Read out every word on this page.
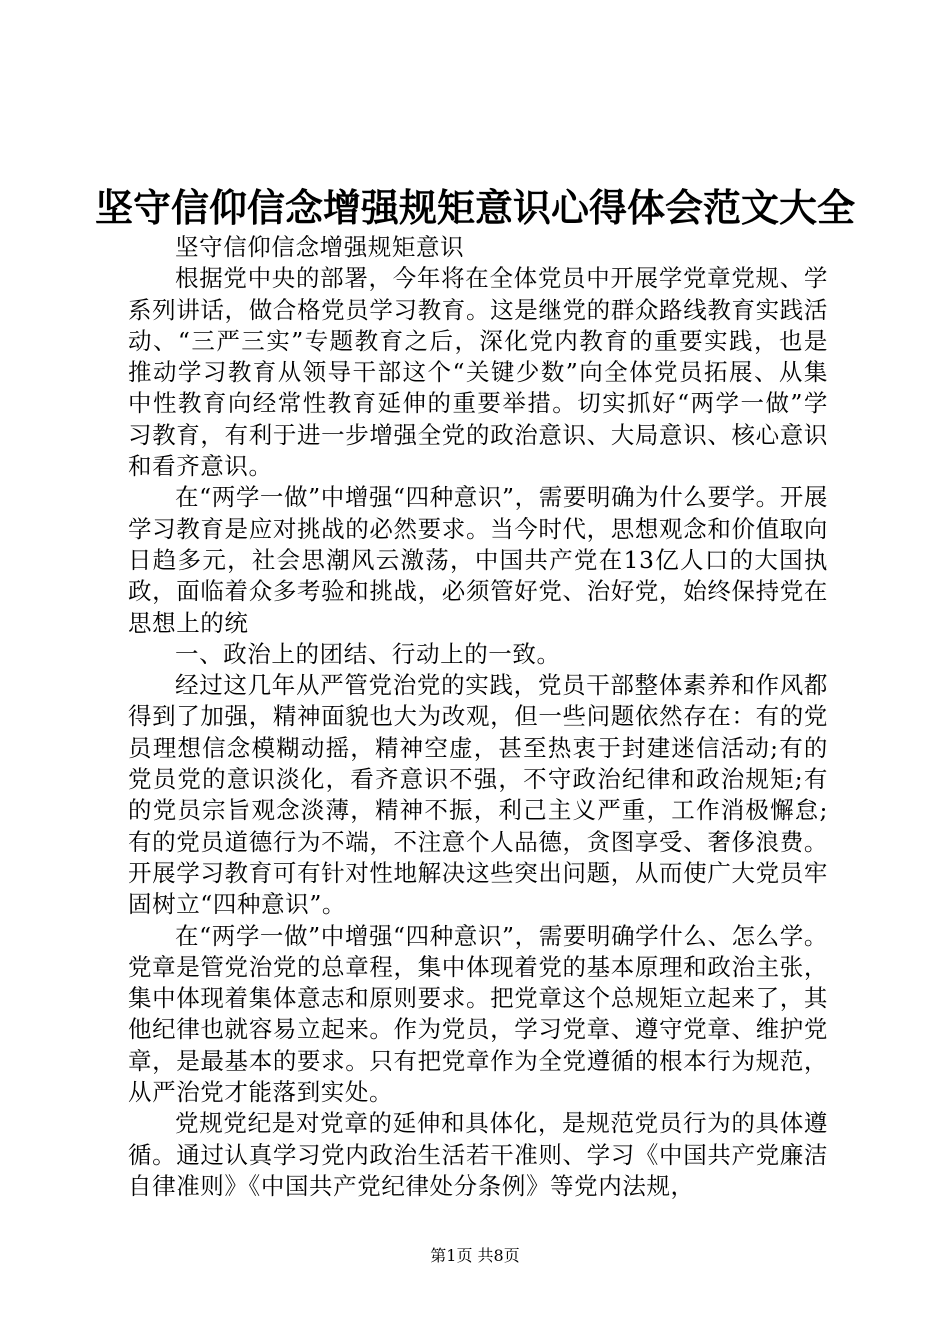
坚守信仰信念增强规矩意识心得体会范文大全

坚守信仰信念增强规矩意识

根据党中央的部署，今年将在全体党员中开展学党章党规、学系列讲话，做合格党员学习教育。这是继党的群众路线教育实践活动、“三严三实”专题教育之后，深化党内教育的重要实践，也是推动学习教育从领导干部这个“关键少数”向全体党员拓展、从集中性教育向经常性教育延伸的重要举措。切实抓好“两学一做”学习教育，有利于进一步增强全党的政治意识、大局意识、核心意识和看齐意识。

在“两学一做”中增强“四种意识”，需要明确为什么要学。开展学习教育是应对挑战的必然要求。当今时代，思想观念和价值取向日趋多元，社会思潮风云激荡，中国共产党在13亿人口的大国执政，面临着众多考验和挑战，必须管好党、治好党，始终保持党在思想上的统

一、政治上的团结、行动上的一致。

经过这几年从严管党治党的实践，党员干部整体素养和作风都得到了加强，精神面貌也大为改观，但一些问题依然存在：有的党员理想信念模糊动摇，精神空虚，甚至热衷于封建迷信活动;有的党员党的意识淡化，看齐意识不强，不守政治纪律和政治规矩;有的党员宗旨观念淡薄，精神不振，利己主义严重，工作消极懈怠;有的党员道德行为不端，不注意个人品德，贪图享受、奢侈浪费。开展学习教育可有针对性地解决这些突出问题，从而使广大党员牢固树立“四种意识”。

在“两学一做”中增强“四种意识”，需要明确学什么、怎么学。党章是管党治党的总章程，集中体现着党的基本原理和政治主张，集中体现着集体意志和原则要求。把党章这个总规矩立起来了，其他纪律也就容易立起来。作为党员，学习党章、遵守党章、维护党章，是最基本的要求。只有把党章作为全党遵循的根本行为规范，从严治党才能落到实处。

党规党纪是对党章的延伸和具体化，是规范党员行为的具体遵循。通过认真学习党内政治生活若干准则、学习《中国共产党廉洁自律准则》《中国共产党纪律处分条例》等党内法规，

第1页 共8页
